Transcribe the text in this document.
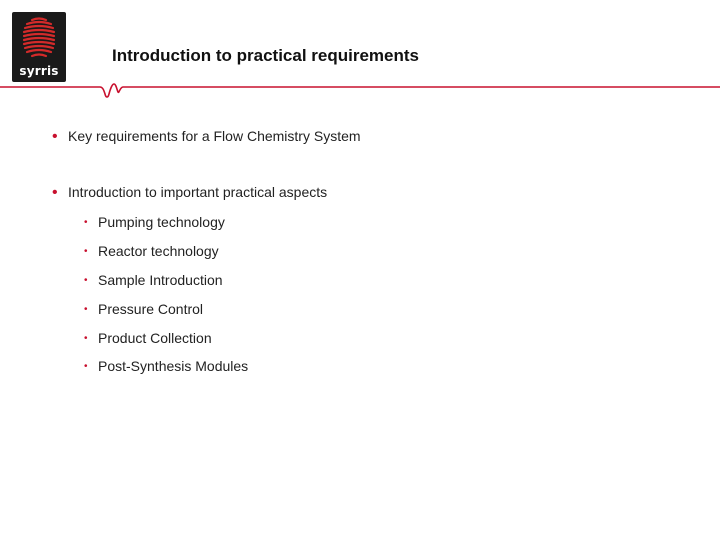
syrris
Introduction to practical requirements
• Key requirements for a Flow Chemistry System
• Introduction to important practical aspects
• Pumping technology
• Reactor technology
• Sample Introduction
• Pressure Control
• Product Collection
• Post-Synthesis Modules
